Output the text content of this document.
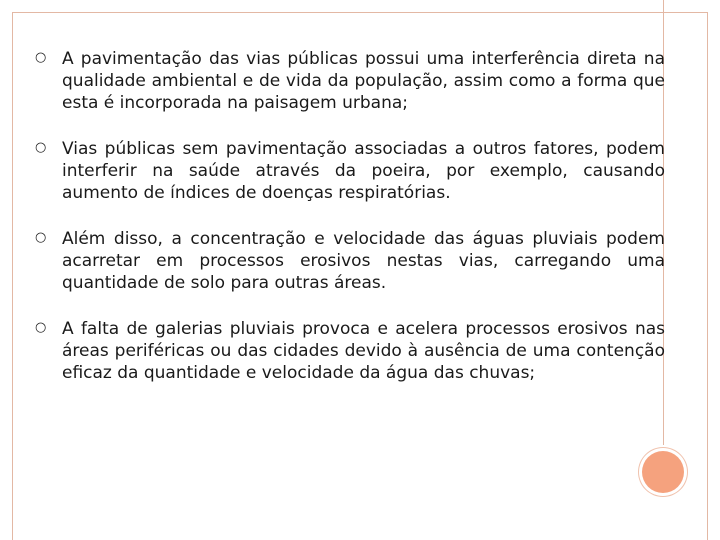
○ A pavimentação das vias públicas possui uma interferência direta na qualidade ambiental e de vida da população, assim como a forma que esta é incorporada na paisagem urbana;
○ Vias públicas sem pavimentação associadas a outros fatores, podem interferir na saúde através da poeira, por exemplo, causando aumento de índices de doenças respiratórias.
○ Além disso, a concentração e velocidade das águas pluviais podem acarretar em processos erosivos nestas vias, carregando uma quantidade de solo para outras áreas.
○ A falta de galerias pluviais provoca e acelera processos erosivos nas áreas periféricas ou das cidades devido à ausência de uma contenção eficaz da quantidade e velocidade da água das chuvas;
